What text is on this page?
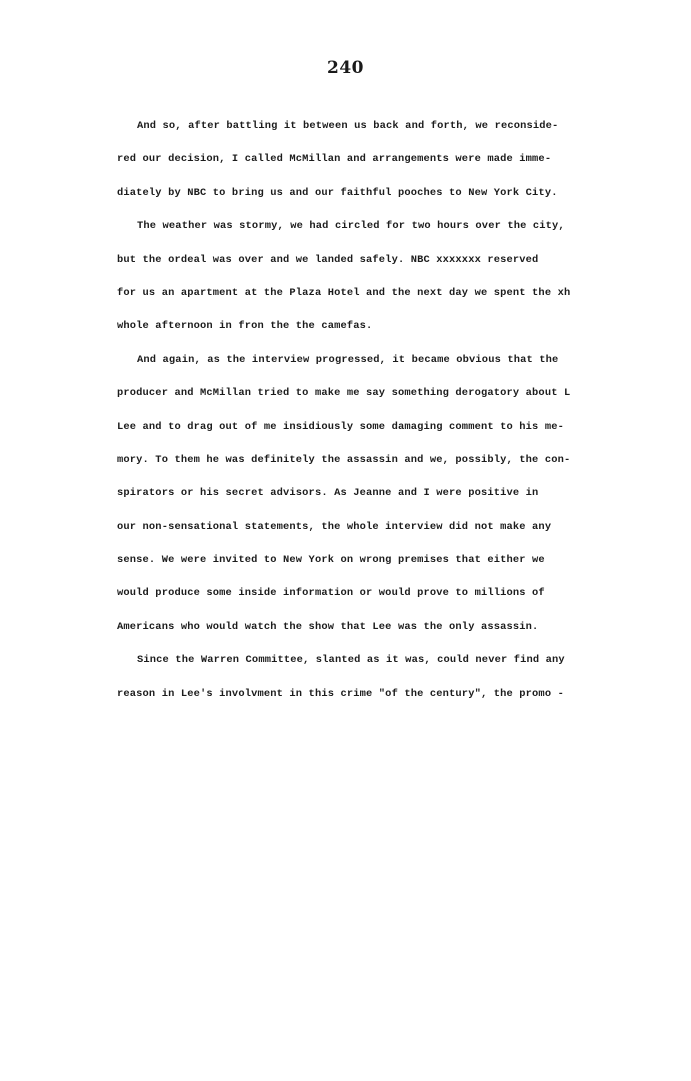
240
And so, after battling it between us back and forth, we reconside-
red our decision, I called McMillan and arrangements were made imme-
diately by NBC to bring us and our faithful pooches to New York City.
The weather was stormy, we had circled for two hours over the city,
but the ordeal was over and we landed safely. NBC xxxxxxx reserved
for us an apartment at the Plaza Hotel and the next day we spent the xh
whole afternoon in fron the the camefas.
And again, as the interview progressed, it became obvious that the
producer and McMillan tried to make me say something derogatory about L
Lee and to drag out of me insidiously some damaging comment to his me-
mory. To them he was definitely the assassin and we, possibly, the con-
spirators or his secret advisors. As Jeanne and I were positive in
our non-sensational statements, the whole interview did not make any
sense. We were invited to New York on wrong premises that either we
would produce some inside information or would prove to millions of
Americans who would watch the show that Lee was the only assassin.
Since the Warren Committee, slanted as it was, could never find any
reason in Lee's involvment in this crime "of the century", the promo -
